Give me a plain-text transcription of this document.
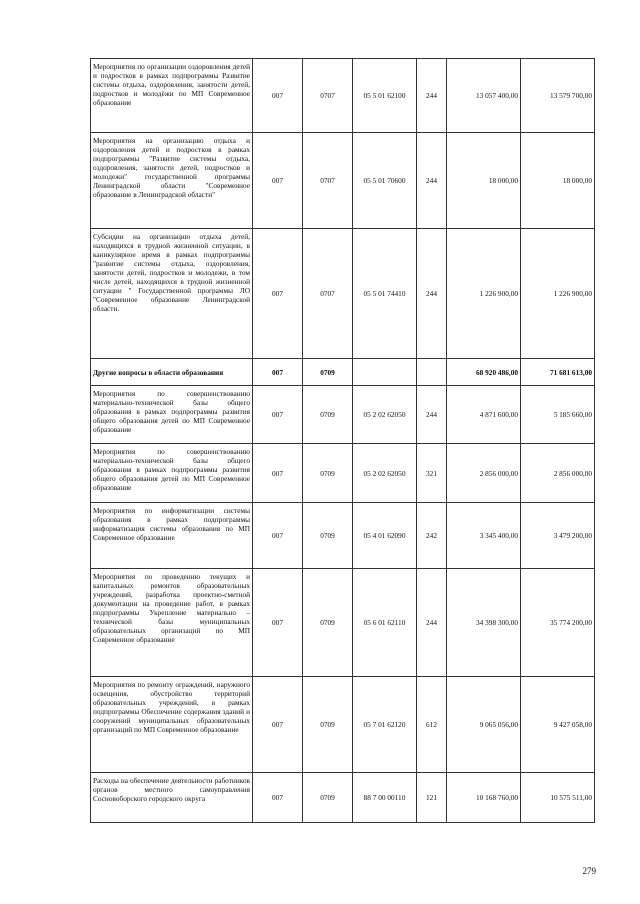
Мероприятия по организации оздоровления детей и подростков в рамках подпрограммы Развитие системы отдыха, оздоровления, занятости детей, подростков и молодёжи по МП Современное образование	007	0707	05 5 01 62100	244	13 057 400,00	13 579 700,00
Мероприятия на организацию отдыха и оздоровления детей и подростков в рамках подпрограммы "Развитие системы отдыха, оздоровления, занятости детей, подростков и молодежи" государственной программы Ленинградской области "Современное образование в Ленинградской области"	007	0707	05 5 01 70600	244	18 000,00	18 000,00
Субсидии на организацию отдыха детей, находящихся в трудной жизненной ситуации, в каникулярное время в рамках подпрограммы "развитие системы отдыха, оздоровления, занятости детей, подростков и молодежи, в том числе детей, находящихся в трудной жизненной ситуации " Государственной программы ЛО "Современное образование Ленинградской области.	007	0707	05 5 01 74410	244	1 226 900,00	1 226 900,00
Другие вопросы в области образования	007	0709			68 920 486,00	71 681 613,00
Мероприятия по совершенствованию материально-технической базы общего образования в рамках подпрограммы развития общего образования детей по МП Современное образование	007	0709	05 2 02 62050	244	4 871 600,00	5 185 660,00
Мероприятия по совершенствованию материально-технической базы общего образования в рамках подпрограммы развития общего образования детей по МП Современное образование	007	0709	05 2 02 62050	321	2 856 000,00	2 856 000,00
Мероприятия по информатизации системы образования в рамках подпрограммы информатизация системы образования по МП Современное образование	007	0709	05 4 01 62090	242	3 345 400,00	3 479 200,00
Мероприятия по проведению текущих и капитальных ремонтов образовательных учреждений, разработка проектно-сметной документации на проведение работ, в рамках подпрограммы Укрепление материально – технической базы муниципальных образовательных организаций по МП Современное образование	007	0709	05 6 01 62110	244	34 398 300,00	35 774 200,00
Мероприятия по ремонту ограждений, наружного освещения, обустройство территорий образовательных учреждений, в рамках подпрограммы Обеспечение содержания зданий и сооружений муниципальных образовательных организаций по МП Современное образование	007	0709	05 7 01 62120	612	9 065 056,00	9 427 058,00
Расходы на обеспечение деятельности работников органов местного самоуправления Сосновоборского городского округа	007	0709	88 7 00 00110	121	10 168 760,00	10 575 511,00
279
